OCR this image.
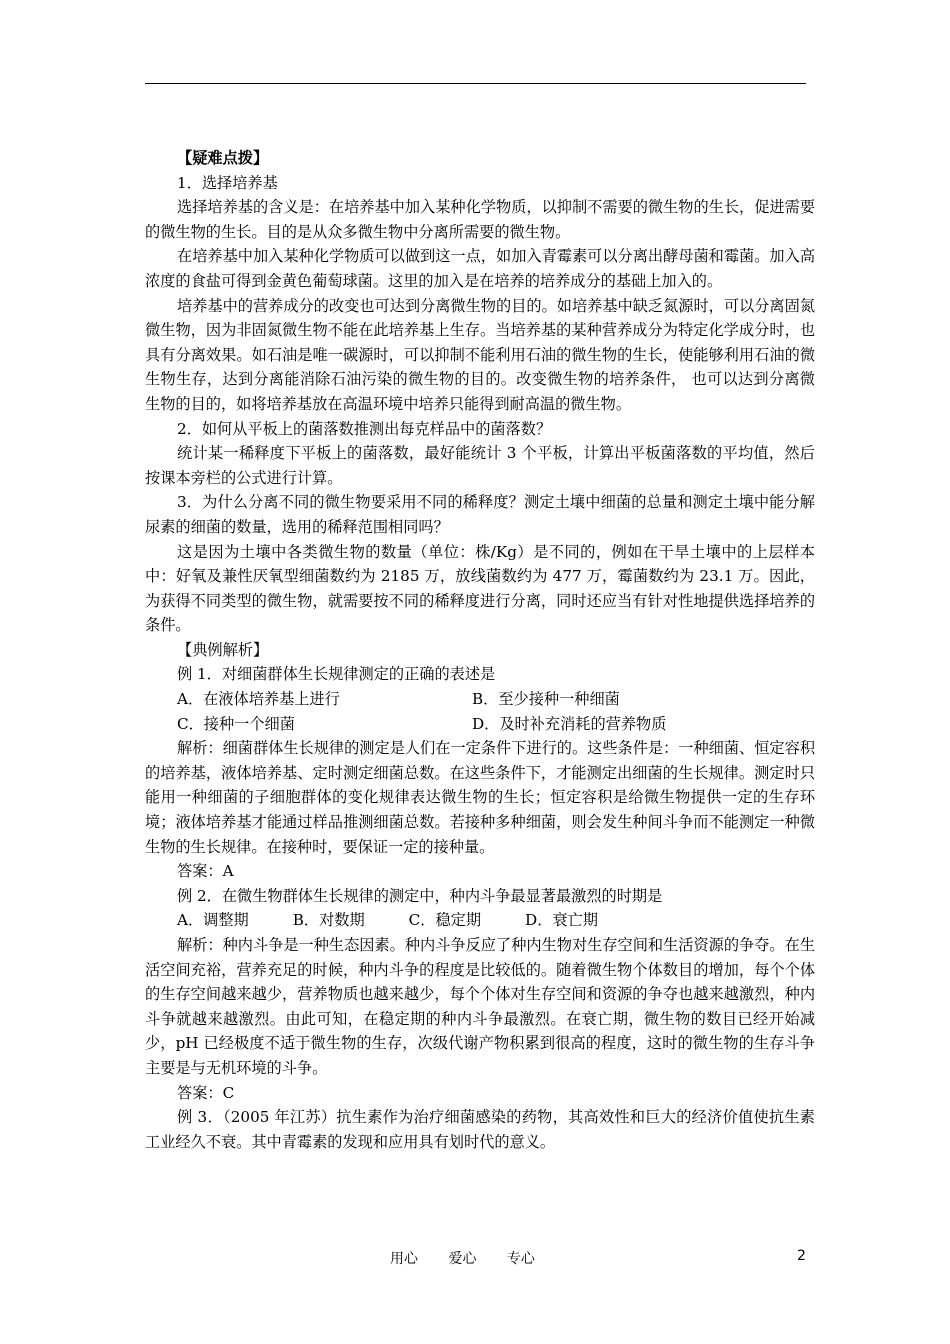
【疑难点拨】

1．选择培养基

选择培养基的含义是：在培养基中加入某种化学物质，以抑制不需要的微生物的生长，促进需要的微生物的生长。目的是从众多微生物中分离所需要的微生物。

在培养基中加入某种化学物质可以做到这一点，如加入青霉素可以分离出酵母菌和霉菌。加入高浓度的食盐可得到金黄色葡萄球菌。这里的加入是在培养的培养成分的基础上加入的。

培养基中的营养成分的改变也可达到分离微生物的目的。如培养基中缺乏氮源时，可以分离固氮微生物，因为非固氮微生物不能在此培养基上生存。当培养基的某种营养成分为特定化学成分时，也具有分离效果。如石油是唯一碳源时，可以抑制不能利用石油的微生物的生长，使能够利用石油的微生物生存，达到分离能消除石油污染的微生物的目的。改变微生物的培养条件， 也可以达到分离微生物的目的，如将培养基放在高温环境中培养只能得到耐高温的微生物。

2．如何从平板上的菌落数推测出每克样品中的菌落数？

统计某一稀释度下平板上的菌落数，最好能统计 3 个平板，计算出平板菌落数的平均值，然后按课本旁栏的公式进行计算。

3．为什么分离不同的微生物要采用不同的稀释度？测定土壤中细菌的总量和测定土壤中能分解尿素的细菌的数量，选用的稀释范围相同吗？

这是因为土壤中各类微生物的数量（单位：株/Kg）是不同的，例如在干旱土壤中的上层样本中：好氧及兼性厌氧型细菌数约为 2185 万，放线菌数约为 477 万，霉菌数约为 23.1 万。因此，为获得不同类型的微生物，就需要按不同的稀释度进行分离，同时还应当有针对性地提供选择培养的条件。

【典例解析】

例 1．对细菌群体生长规律测定的正确的表述是

A．在液体培养基上进行	B．至少接种一种细菌
C．接种一个细菌	D．及时补充消耗的营养物质

解析：细菌群体生长规律的测定是人们在一定条件下进行的。这些条件是：一种细菌、恒定容积的培养基，液体培养基、定时测定细菌总数。在这些条件下，才能测定出细菌的生长规律。测定时只能用一种细菌的子细胞群体的变化规律表达微生物的生长；恒定容积是给微生物提供一定的生存环境；液体培养基才能通过样品推测细菌总数。若接种多种细菌，则会发生种间斗争而不能测定一种微生物的生长规律。在接种时，要保证一定的接种量。

答案：A

例 2．在微生物群体生长规律的测定中，种内斗争最显著最激烈的时期是

A．调整期	B．对数期	C．稳定期	D．衰亡期

解析：种内斗争是一种生态因素。种内斗争反应了种内生物对生存空间和生活资源的争夺。在生活空间充裕，营养充足的时候，种内斗争的程度是比较低的。随着微生物个体数目的增加，每个个体的生存空间越来越少，营养物质也越来越少，每个个体对生存空间和资源的争夺也越来越激烈，种内斗争就越来越激烈。由此可知，在稳定期的种内斗争最激烈。在衰亡期，微生物的数目已经开始减少，pH 已经极度不适于微生物的生存，次级代谢产物积累到很高的程度，这时的微生物的生存斗争主要是与无机环境的斗争。

答案：C

例 3．（2005 年江苏）抗生素作为治疗细菌感染的药物，其高效性和巨大的经济价值使抗生素工业经久不衰。其中青霉素的发现和应用具有划时代的意义。

用心 爱心 专心	2
